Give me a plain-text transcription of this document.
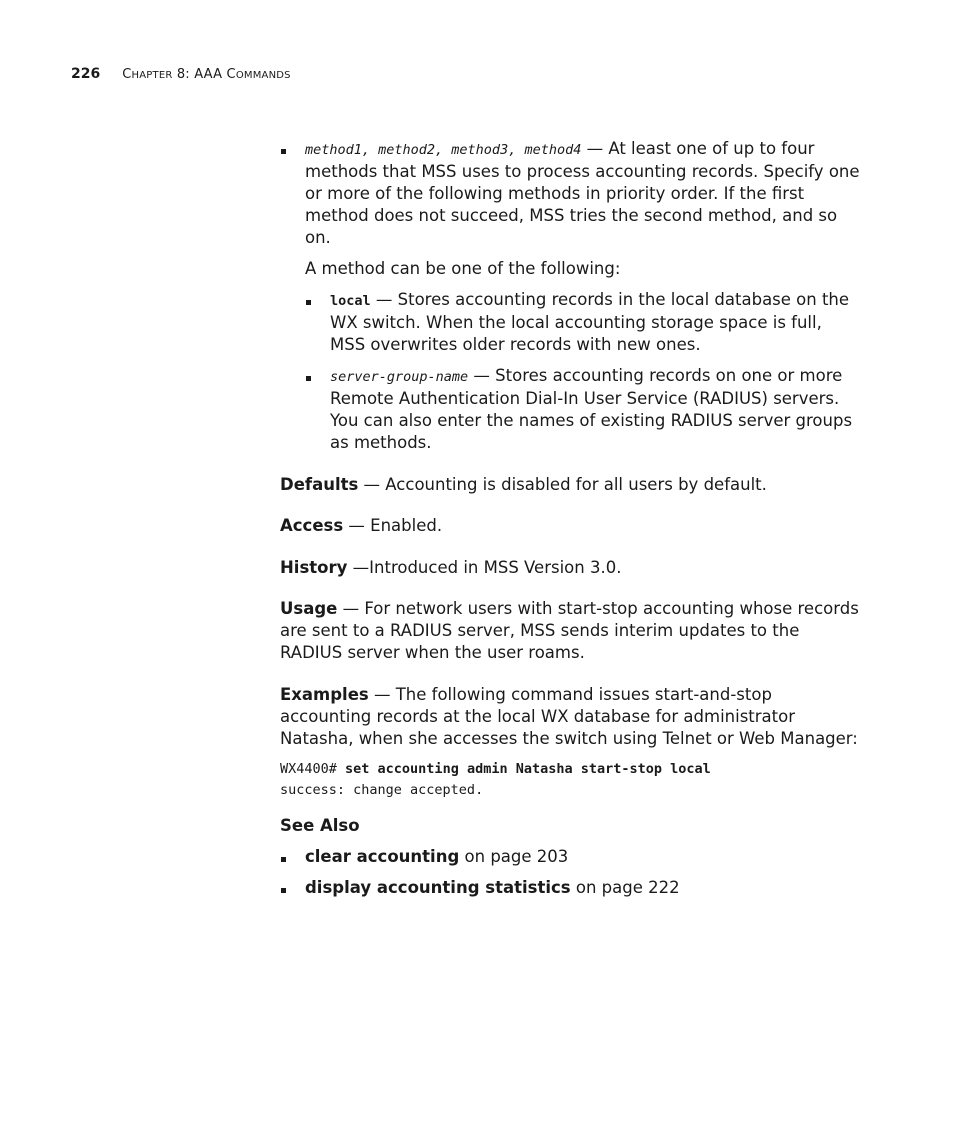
226 CHAPTER 8: AAA COMMANDS
method1, method2, method3, method4 — At least one of up to four methods that MSS uses to process accounting records. Specify one or more of the following methods in priority order. If the first method does not succeed, MSS tries the second method, and so on.

A method can be one of the following:

local — Stores accounting records in the local database on the WX switch. When the local accounting storage space is full, MSS overwrites older records with new ones.
server-group-name — Stores accounting records on one or more Remote Authentication Dial-In User Service (RADIUS) servers. You can also enter the names of existing RADIUS server groups as methods.

Defaults — Accounting is disabled for all users by default.

Access — Enabled.

History —Introduced in MSS Version 3.0.

Usage — For network users with start-stop accounting whose records are sent to a RADIUS server, MSS sends interim updates to the RADIUS server when the user roams.

Examples — The following command issues start-and-stop accounting records at the local WX database for administrator Natasha, when she accesses the switch using Telnet or Web Manager:

WX4400# set accounting admin Natasha start-stop local
success: change accepted.

See Also

clear accounting on page 203
display accounting statistics on page 222
